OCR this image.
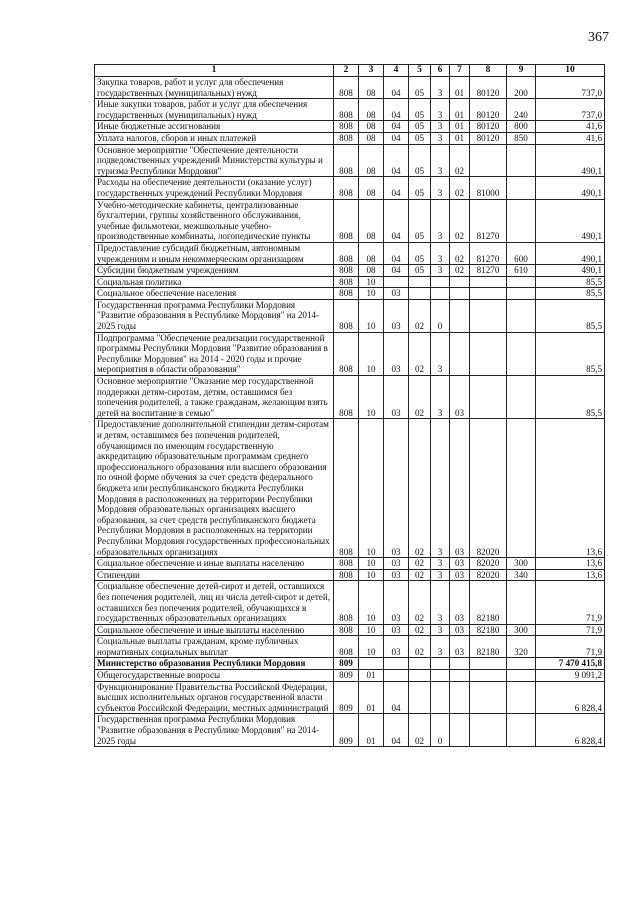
367
1	2	3	4	5	6	7	8	9	10
Закупка товаров, работ и услуг для обеспечения государственных (муниципальных) нужд	808	08	04	05	3	01	80120	200	737,0
Иные закупки товаров, работ и услуг для обеспечения государственных (муниципальных) нужд	808	08	04	05	3	01	80120	240	737,0
Иные бюджетные ассигнования	808	08	04	05	3	01	80120	800	41,6
Уплата налогов, сборов и иных платежей	808	08	04	05	3	01	80120	850	41,6
Основное мероприятие "Обеспечение деятельности подведомственных учреждений Министерства культуры и туризма Республики Мордовия"	808	08	04	05	3	02			490,1
Расходы на обеспечение деятельности (оказание услуг) государственных учреждений Республики Мордовия	808	08	04	05	3	02	81000		490,1
Учебно-методические кабинеты, централизованные бухгалтерии, группы хозяйственного обслуживания, учебные фильмотеки, межшкольные учебно-производственные комбинаты, логопедические пункты	808	08	04	05	3	02	81270		490,1
Предоставление субсидий бюджетным, автономным учреждениям и иным некоммерческим организациям	808	08	04	05	3	02	81270	600	490,1
Субсидии бюджетным учреждениям	808	08	04	05	3	02	81270	610	490,1
Социальная политика	808	10							85,5
Социальное обеспечение населения	808	10	03						85,5
Государственная программа Республики Мордовия "Развитие образования в Республике Мордовия" на 2014-2025 годы	808	10	03	02	0				85,5
Подпрограмма "Обеспечение реализации государственной программы Республики Мордовия "Развитие образования в Республике Мордовия" на 2014 - 2020 годы и прочие мероприятия в области образования"	808	10	03	02	3				85,5
Основное мероприятие "Оказание мер государственной поддержки детям-сиротам, детям, оставшимся без попечения родителей, а также гражданам, желающим взять детей на воспитание в семью"	808	10	03	02	3	03			85,5
Предоставление дополнительной стипендии детям-сиротам и детям, оставшимся без попечения родителей, обучающимся по имеющим государственную аккредитацию образовательным программам среднего профессионального образования или высшего образования по очной форме обучения за счет средств федерального бюджета или республиканского бюджета Республики Мордовия в расположенных на территории Республики Мордовия образовательных организациях высшего образования, за счет средств республиканского бюджета Республики Мордовия в расположенных на территории Республики Мордовия государственных профессиональных образовательных организациях	808	10	03	02	3	03	82020		13,6
Социальное обеспечение и иные выплаты населению	808	10	03	02	3	03	82020	300	13,6
Стипендии	808	10	03	02	3	03	82020	340	13,6
Социальное обеспечение детей-сирот и детей, оставшихся без попечения родителей, лиц из числа детей-сирот и детей, оставшихся без попечения родителей, обучающихся в государственных образовательных организациях	808	10	03	02	3	03	82180		71,9
Социальное обеспечение и иные выплаты населению	808	10	03	02	3	03	82180	300	71,9
Социальные выплаты гражданам, кроме публичных нормативных социальных выплат	808	10	03	02	3	03	82180	320	71,9
Министерство образования Республики Мордовия	809								7 470 415,8
Общегосударственные вопросы	809	01							9 091,2
Функционирование Правительства Российской Федерации, высших исполнительных органов государственной власти субъектов Российской Федерации, местных администраций	809	01	04						6 828,4
Государственная программа Республики Мордовия "Развитие образования в Республике Мордовия" на 2014-2025 годы	809	01	04	02	0				6 828,4
